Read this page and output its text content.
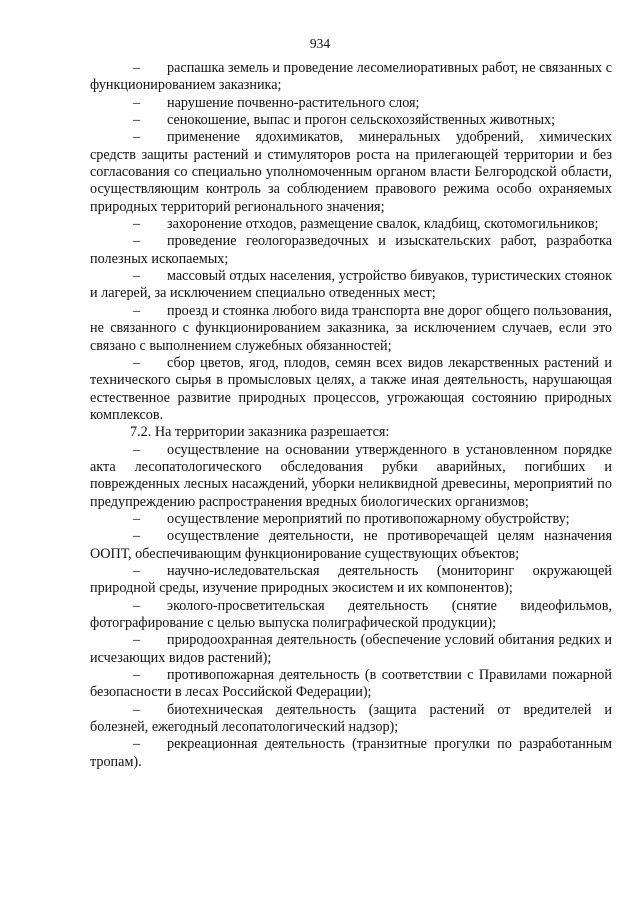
934

– распашка земель и проведение лесомелиоративных работ, не связанных с функционированием заказника;

– нарушение почвенно-растительного слоя;

– сенокошение, выпас и прогон сельскохозяйственных животных;

– применение ядохимикатов, минеральных удобрений, химических средств защиты растений и стимуляторов роста на прилегающей территории и без согласования со специально уполномоченным органом власти Белгородской области, осуществляющим контроль за соблюдением правового режима особо охраняемых природных территорий регионального значения;

– захоронение отходов, размещение свалок, кладбищ, скотомогильников;

– проведение геологоразведочных и изыскательских работ, разработка полезных ископаемых;

– массовый отдых населения, устройство бивуаков, туристических стоянок и лагерей, за исключением специально отведенных мест;

– проезд и стоянка любого вида транспорта вне дорог общего пользования, не связанного с функционированием заказника, за исключением случаев, если это связано с выполнением служебных обязанностей;

– сбор цветов, ягод, плодов, семян всех видов лекарственных растений и технического сырья в промысловых целях, а также иная деятельность, нарушающая естественное развитие природных процессов, угрожающая состоянию природных комплексов.

7.2. На территории заказника разрешается:

– осуществление на основании утвержденного в установленном порядке акта лесопатологического обследования рубки аварийных, погибших и поврежденных лесных насаждений, уборки неликвидной древесины, мероприятий по предупреждению распространения вредных биологических организмов;

– осуществление мероприятий по противопожарному обустройству;

– осуществление деятельности, не противоречащей целям назначения ООПТ, обеспечивающим функционирование существующих объектов;

– научно-иследовательская деятельность (мониторинг окружающей природной среды, изучение природных экосистем и их компонентов);

– эколого-просветительская деятельность (снятие видеофильмов, фотографирование с целью выпуска полиграфической продукции);

– природоохранная деятельность (обеспечение условий обитания редких и исчезающих видов растений);

– противопожарная деятельность (в соответствии с Правилами пожарной безопасности в лесах Российской Федерации);

– биотехническая деятельность (защита растений от вредителей и болезней, ежегодный лесопатологический надзор);

– рекреационная деятельность (транзитные прогулки по разработанным тропам).
